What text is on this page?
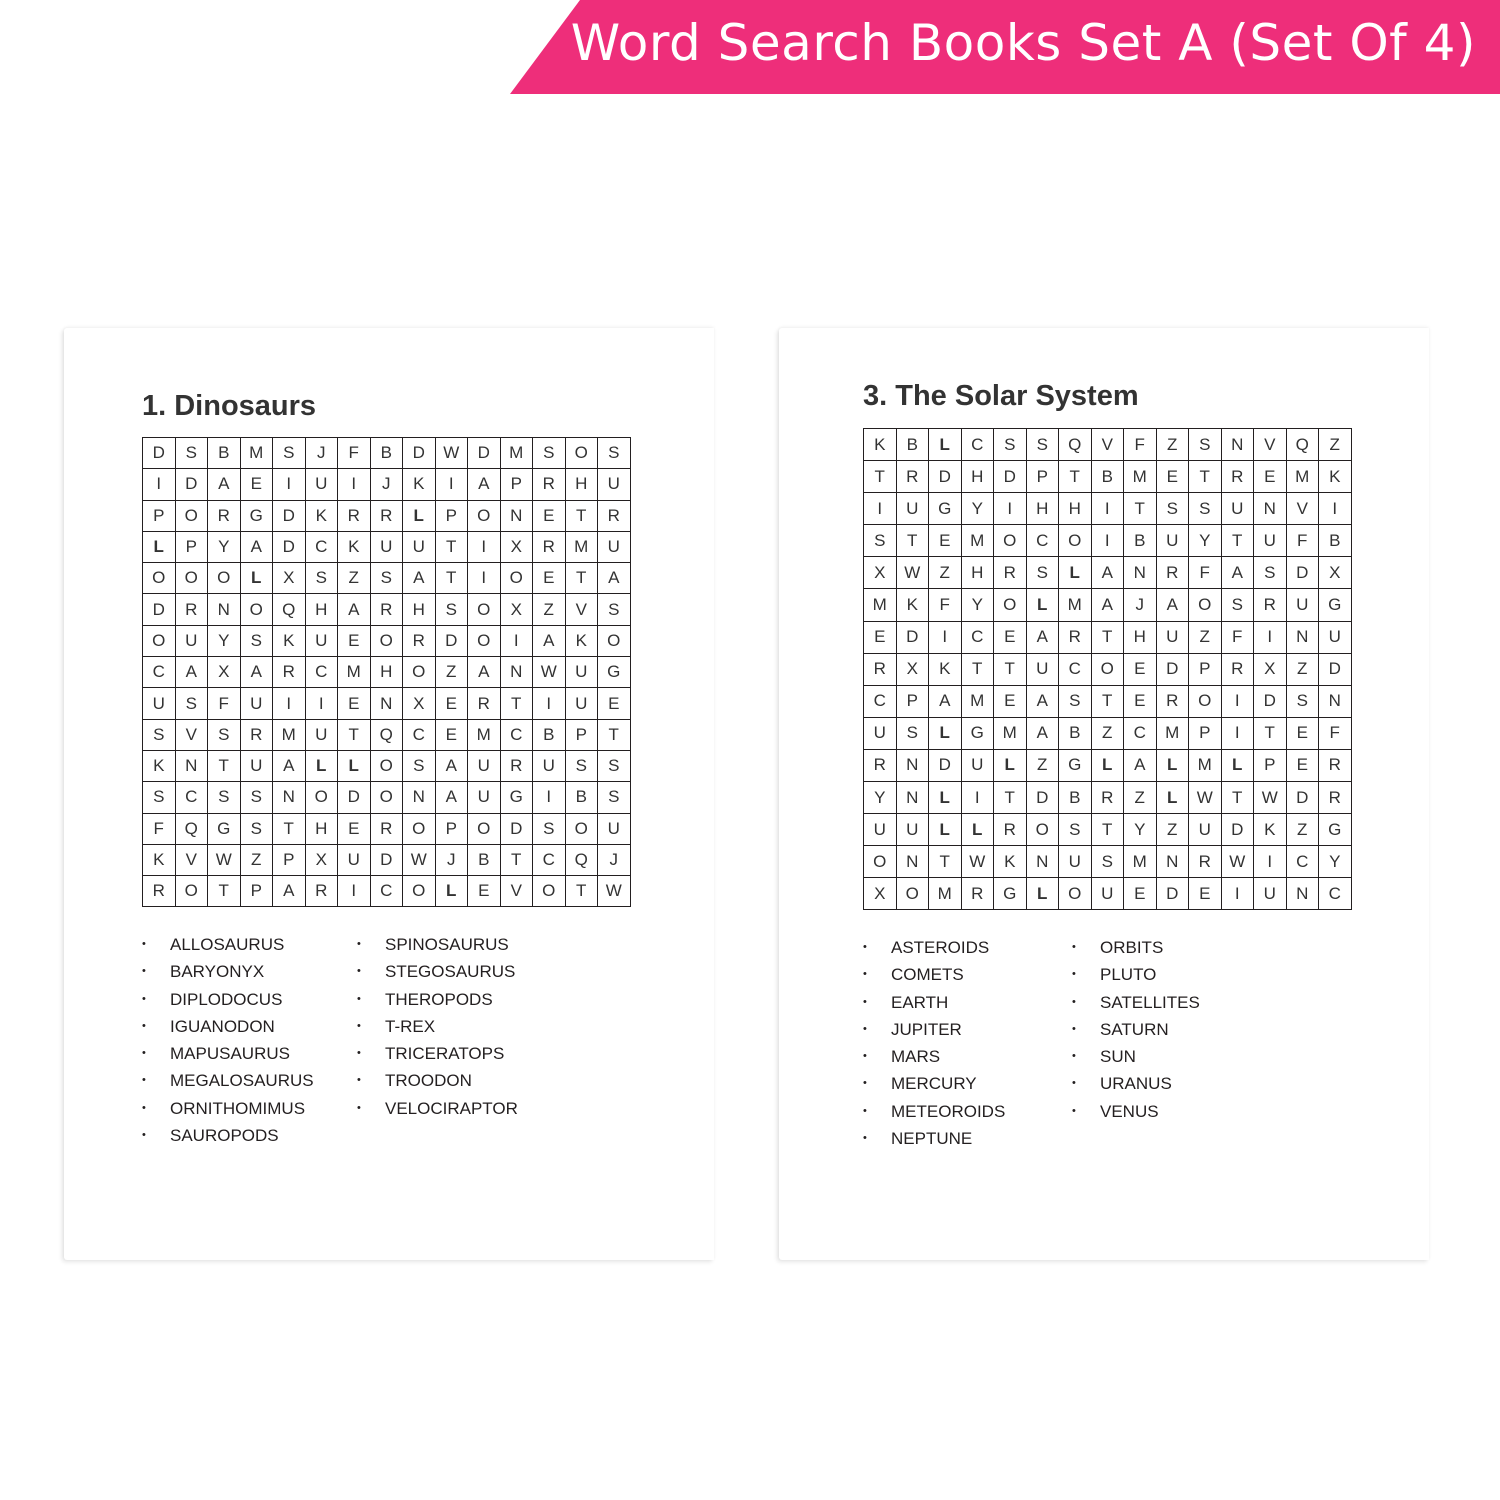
Word Search Books Set A (Set Of 4)
1. Dinosaurs
D	S	B	M	S	J	F	B	D	W	D	M	S	O	S
I	D	A	E	I	U	I	J	K	I	A	P	R	H	U
P	O	R	G	D	K	R	R	L	P	O	N	E	T	R
L	P	Y	A	D	C	K	U	U	T	I	X	R	M	U
O	O	O	L	X	S	Z	S	A	T	I	O	E	T	A
D	R	N	O	Q	H	A	R	H	S	O	X	Z	V	S
O	U	Y	S	K	U	E	O	R	D	O	I	A	K	O
C	A	X	A	R	C	M	H	O	Z	A	N	W	U	G
U	S	F	U	I	I	E	N	X	E	R	T	I	U	E
S	V	S	R	M	U	T	Q	C	E	M	C	B	P	T
K	N	T	U	A	L	L	O	S	A	U	R	U	S	S
S	C	S	S	N	O	D	O	N	A	U	G	I	B	S
F	Q	G	S	T	H	E	R	O	P	O	D	S	O	U
K	V	W	Z	P	X	U	D	W	J	B	T	C	Q	J
R	O	T	P	A	R	I	C	O	L	E	V	O	T	W
• ALLOSAURUS
• BARYONYX
• DIPLODOCUS
• IGUANODON
• MAPUSAURUS
• MEGALOSAURUS
• ORNITHOMIMUS
• SAUROPODS
• SPINOSAURUS
• STEGOSAURUS
• THEROPODS
• T-REX
• TRICERATOPS
• TROODON
• VELOCIRAPTOR
3. The Solar System
K	B	L	C	S	S	Q	V	F	Z	S	N	V	Q	Z
T	R	D	H	D	P	T	B	M	E	T	R	E	M	K
I	U	G	Y	I	H	H	I	T	S	S	U	N	V	I
S	T	E	M	O	C	O	I	B	U	Y	T	U	F	B
X	W	Z	H	R	S	L	A	N	R	F	A	S	D	X
M	K	F	Y	O	L	M	A	J	A	O	S	R	U	G
E	D	I	C	E	A	R	T	H	U	Z	F	I	N	U
R	X	K	T	T	U	C	O	E	D	P	R	X	Z	D
C	P	A	M	E	A	S	T	E	R	O	I	D	S	N
U	S	L	G	M	A	B	Z	C	M	P	I	T	E	F
R	N	D	U	L	Z	G	L	A	L	M	L	P	E	R
Y	N	L	I	T	D	B	R	Z	L	W	T	W	D	R
U	U	L	L	R	O	S	T	Y	Z	U	D	K	Z	G
O	N	T	W	K	N	U	S	M	N	R	W	I	C	Y
X	O	M	R	G	L	O	U	E	D	E	I	U	N	C
• ASTEROIDS
• COMETS
• EARTH
• JUPITER
• MARS
• MERCURY
• METEOROIDS
• NEPTUNE
• ORBITS
• PLUTO
• SATELLITES
• SATURN
• SUN
• URANUS
• VENUS
